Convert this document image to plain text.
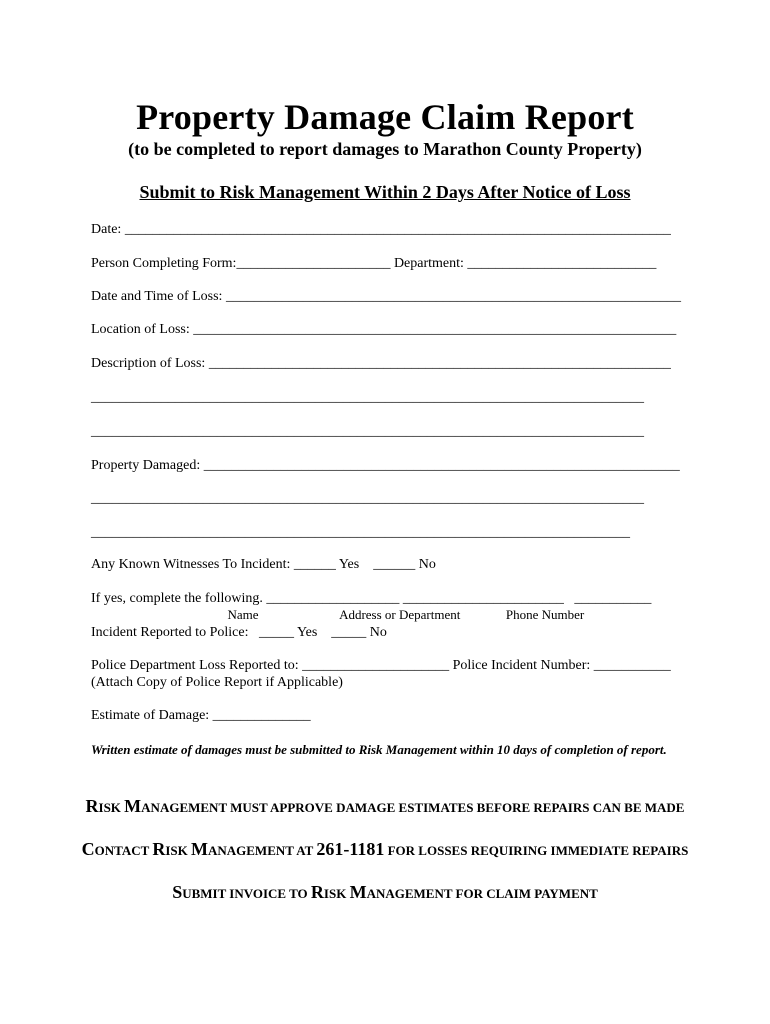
Property Damage Claim Report
(to be completed to report damages to Marathon County Property)
Submit to Risk Management Within 2 Days After Notice of Loss
Date: ______________________________________________________________________________
Person Completing Form:______________________ Department: ___________________________
Date and Time of Loss: _________________________________________________________________
Location of Loss: _____________________________________________________________________
Description of Loss: __________________________________________________________________
_______________________________________________________________________________
_______________________________________________________________________________
Property Damaged: ____________________________________________________________________
_______________________________________________________________________________
_____________________________________________________________________________
Any Known Witnesses To Incident: ______ Yes    ______ No
If yes, complete the following. ___________________ _______________________   ___________
Name                         Address or Department              Phone Number
Incident Reported to Police:   _____ Yes    _____ No
Police Department Loss Reported to: _____________________ Police Incident Number: ___________
(Attach Copy of Police Report if Applicable)
Estimate of Damage: ______________
Written estimate of damages must be submitted to Risk Management within 10 days of completion of report.
RISK MANAGEMENT MUST APPROVE DAMAGE ESTIMATES BEFORE REPAIRS CAN BE MADE
CONTACT RISK MANAGEMENT AT 261-1181 FOR LOSSES REQUIRING IMMEDIATE REPAIRS
SUBMIT INVOICE TO RISK MANAGEMENT FOR CLAIM PAYMENT
